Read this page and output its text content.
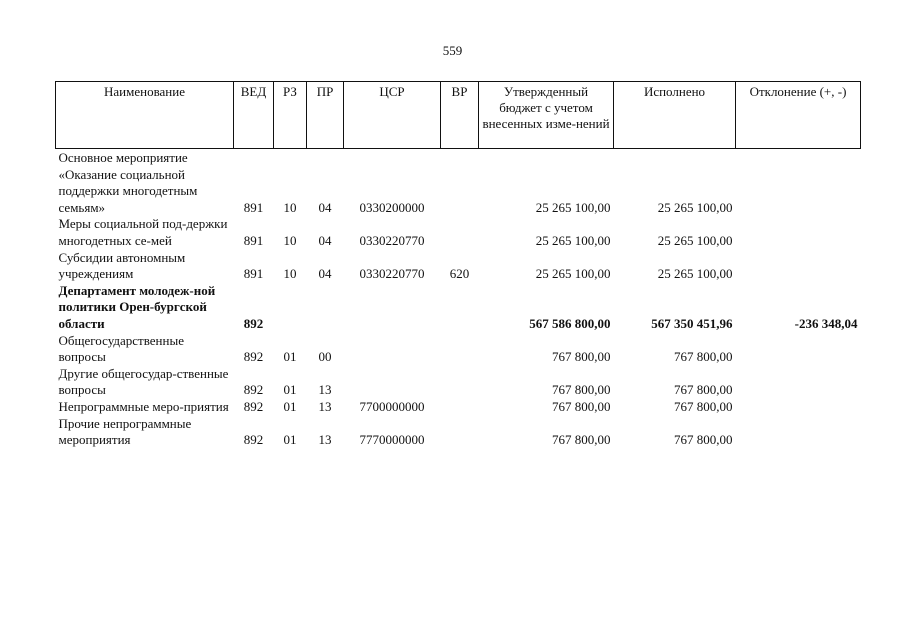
559
Наименование	ВЕД	РЗ	ПР	ЦСР	ВР	Утвержденный бюджет с учетом внесенных изме-нений	Исполнено	Отклонение (+, -)
Основное мероприятие «Оказание социальной поддержки многодетным семьям»	891	10	04	0330200000		25 265 100,00	25 265 100,00	
Меры социальной под-держки многодетных се-мей	891	10	04	0330220770		25 265 100,00	25 265 100,00	
Субсидии автономным учреждениям	891	10	04	0330220770	620	25 265 100,00	25 265 100,00	
Департамент молодеж-ной политики Орен-бургской области	892					567 586 800,00	567 350 451,96	-236 348,04
Общегосударственные вопросы	892	01	00			767 800,00	767 800,00	
Другие общегосудар-ственные вопросы	892	01	13			767 800,00	767 800,00	
Непрограммные меро-приятия	892	01	13	7700000000		767 800,00	767 800,00	
Прочие непрограммные мероприятия	892	01	13	7770000000		767 800,00	767 800,00	
